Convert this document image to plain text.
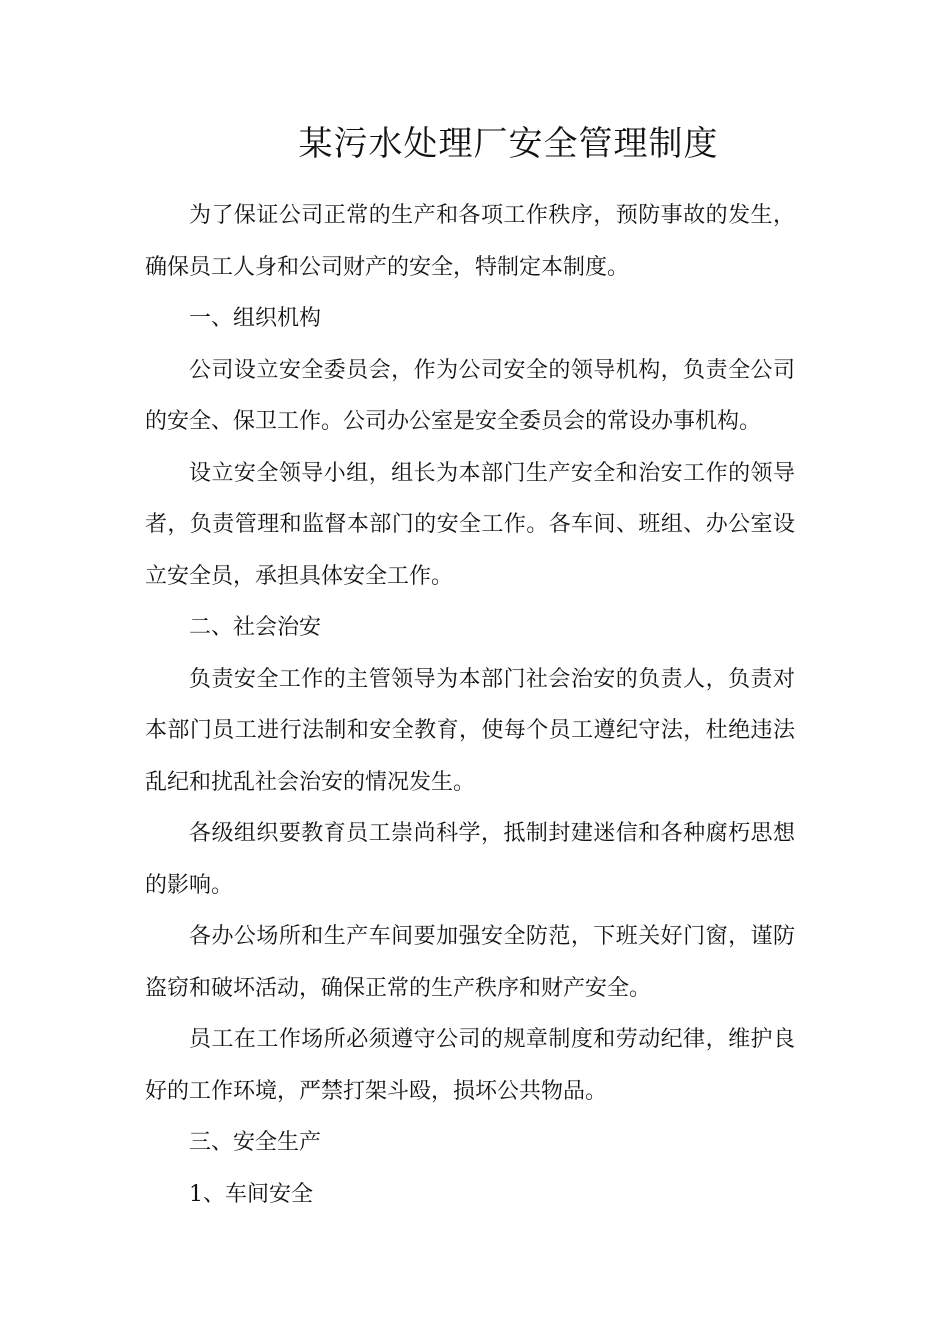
某污水处理厂安全管理制度

为了保证公司正常的生产和各项工作秩序，预防事故的发生，确保员工人身和公司财产的安全，特制定本制度。

一、组织机构

公司设立安全委员会，作为公司安全的领导机构，负责全公司的安全、保卫工作。公司办公室是安全委员会的常设办事机构。

设立安全领导小组，组长为本部门生产安全和治安工作的领导者，负责管理和监督本部门的安全工作。各车间、班组、办公室设立安全员，承担具体安全工作。

二、社会治安

负责安全工作的主管领导为本部门社会治安的负责人，负责对本部门员工进行法制和安全教育，使每个员工遵纪守法，杜绝违法乱纪和扰乱社会治安的情况发生。

各级组织要教育员工崇尚科学，抵制封建迷信和各种腐朽思想的影响。

各办公场所和生产车间要加强安全防范，下班关好门窗，谨防盗窃和破坏活动，确保正常的生产秩序和财产安全。

员工在工作场所必须遵守公司的规章制度和劳动纪律，维护良好的工作环境，严禁打架斗殴，损坏公共物品。

三、安全生产

1、车间安全
